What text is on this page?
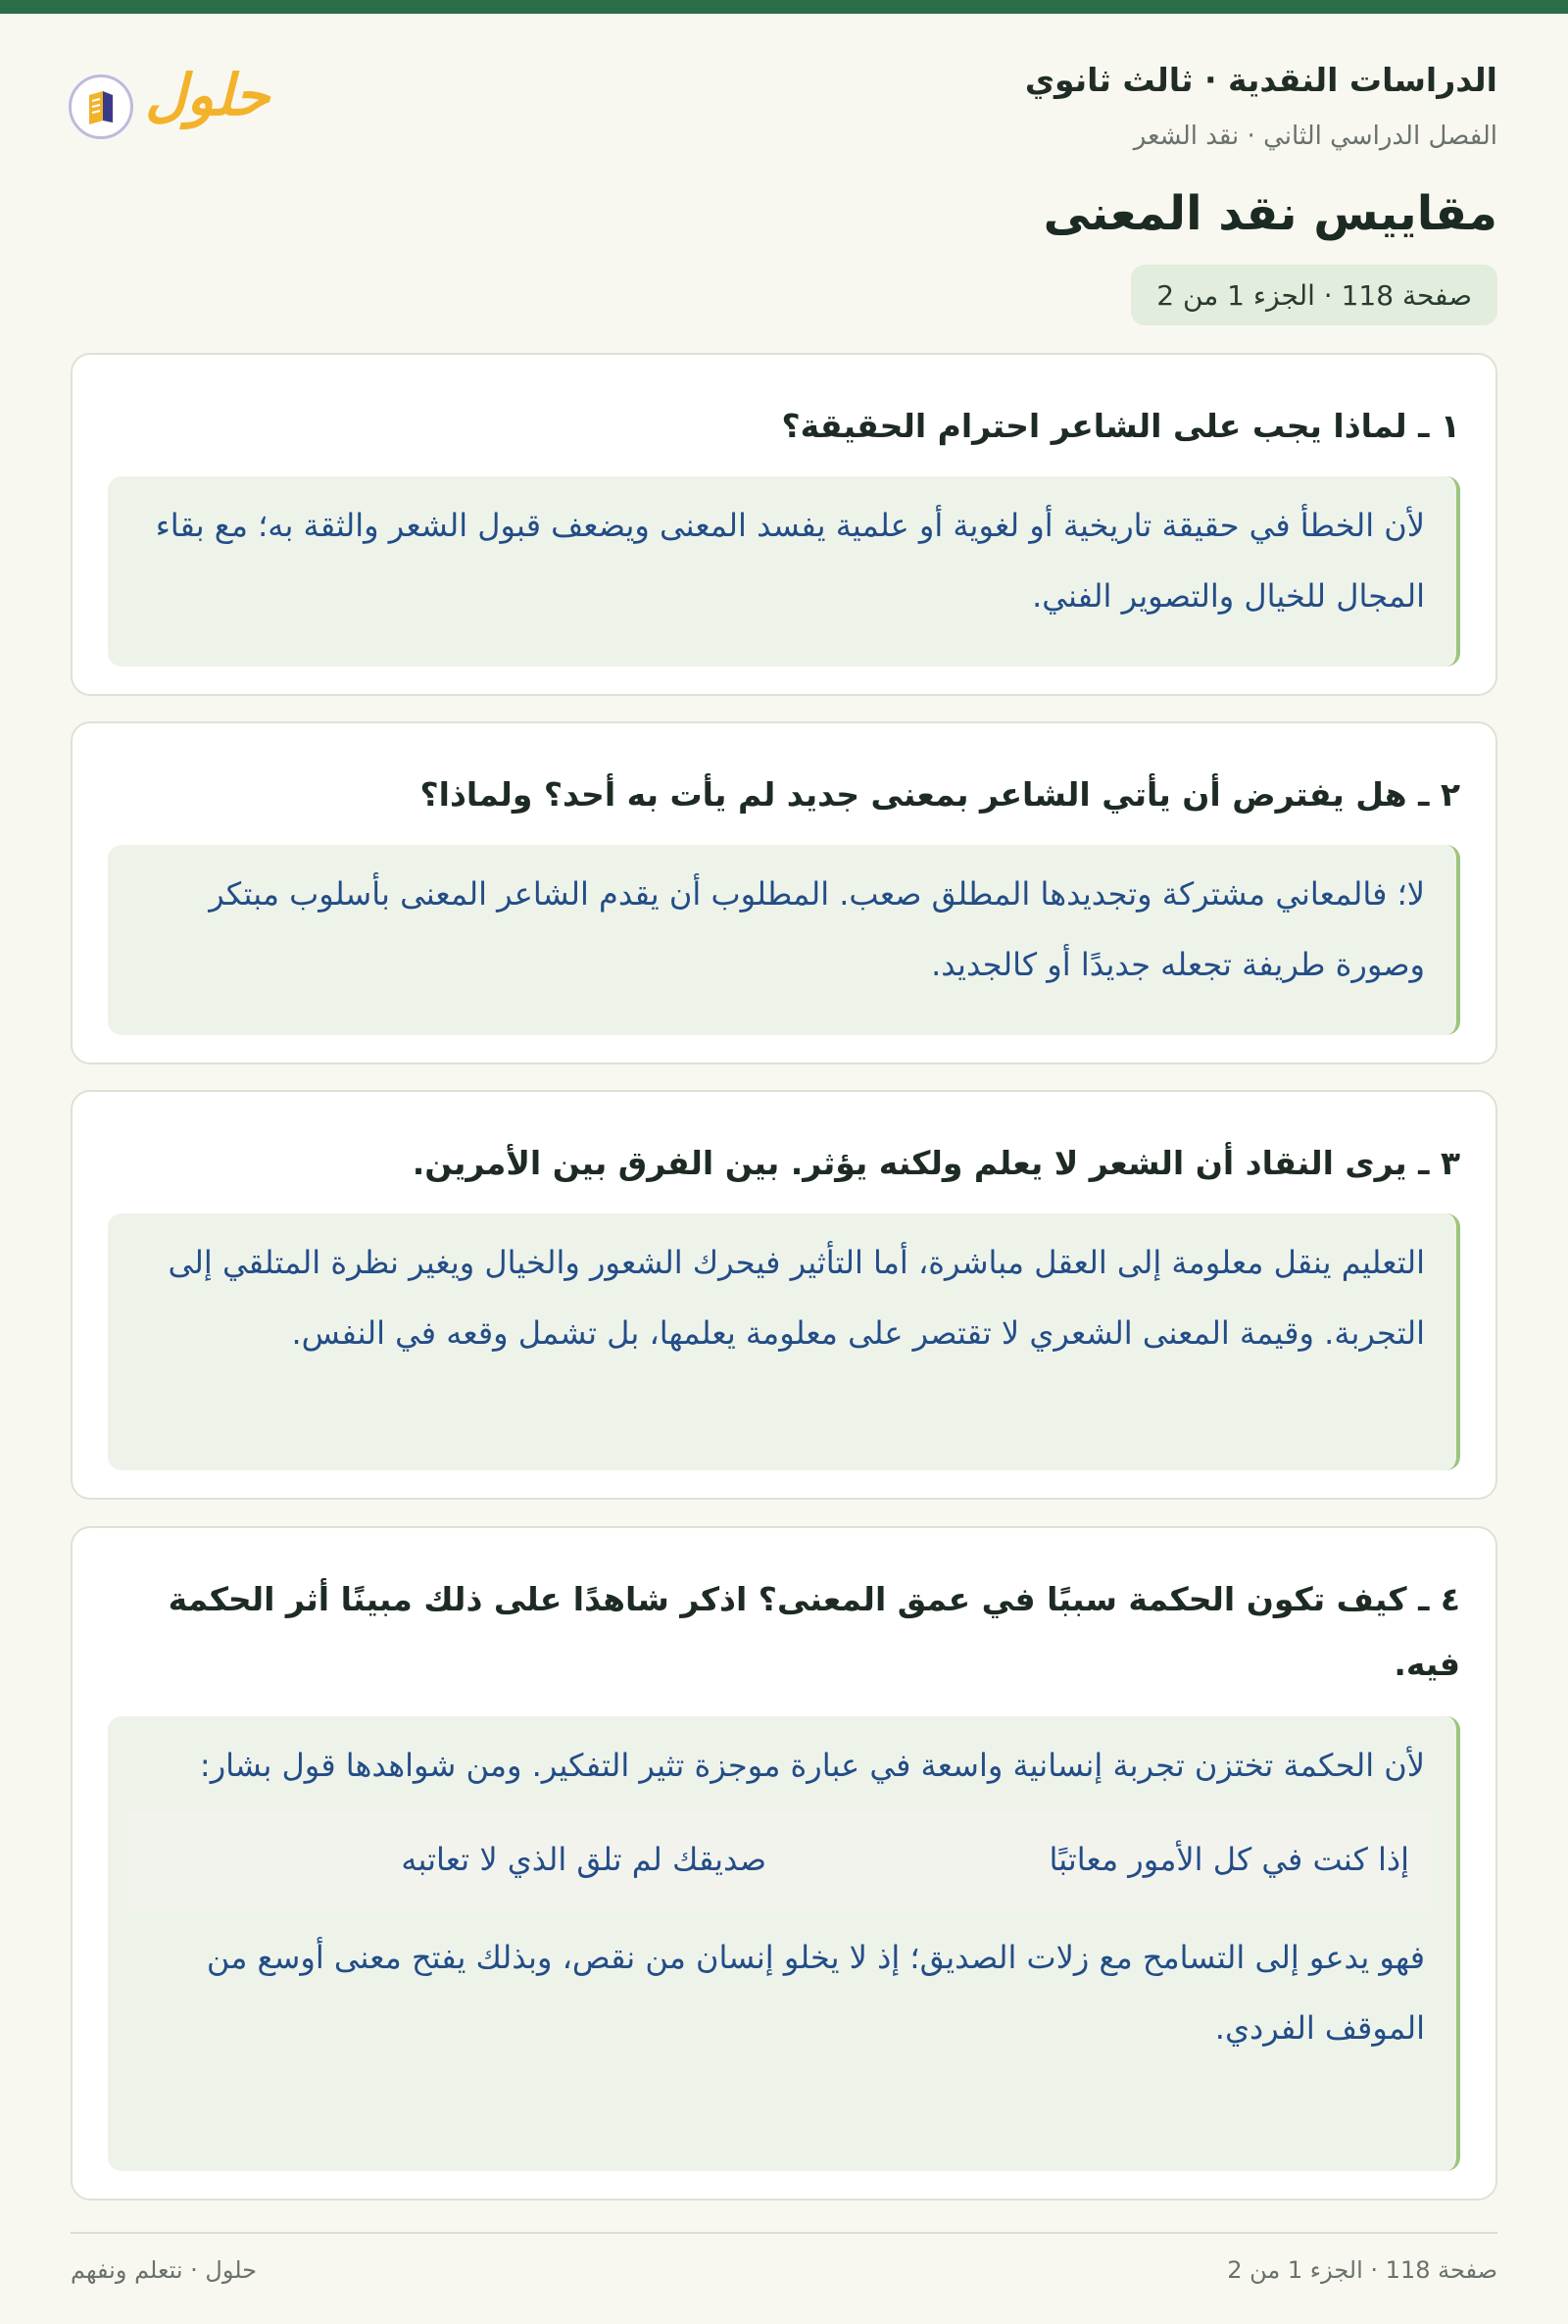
حلول	الدراسات النقدية · ثالث ثانوي
الفصل الدراسي الثاني · نقد الشعر
مقاييس نقد المعنى
صفحة 118 · الجزء 1 من 2
١ ـ لماذا يجب على الشاعر احترام الحقيقة؟
لأن الخطأ في حقيقة تاريخية أو لغوية أو علمية يفسد المعنى ويضعف قبول الشعر والثقة به؛ مع بقاء المجال للخيال والتصوير الفني.
٢ ـ هل يفترض أن يأتي الشاعر بمعنى جديد لم يأت به أحد؟ ولماذا؟
لا؛ فالمعاني مشتركة وتجديدها المطلق صعب. المطلوب أن يقدم الشاعر المعنى بأسلوب مبتكر وصورة طريفة تجعله جديدًا أو كالجديد.
٣ ـ يرى النقاد أن الشعر لا يعلم ولكنه يؤثر. بين الفرق بين الأمرين.
التعليم ينقل معلومة إلى العقل مباشرة، أما التأثير فيحرك الشعور والخيال ويغير نظرة المتلقي إلى التجربة. وقيمة المعنى الشعري لا تقتصر على معلومة يعلمها، بل تشمل وقعه في النفس.
٤ ـ كيف تكون الحكمة سببًا في عمق المعنى؟ اذكر شاهدًا على ذلك مبينًا أثر الحكمة فيه.
لأن الحكمة تختزن تجربة إنسانية واسعة في عبارة موجزة تثير التفكير. ومن شواهدها قول بشار:
إذا كنت في كل الأمور معاتبًا
صديقك لم تلق الذي لا تعاتبه
فهو يدعو إلى التسامح مع زلات الصديق؛ إذ لا يخلو إنسان من نقص، وبذلك يفتح معنى أوسع من الموقف الفردي.
صفحة 118 · الجزء 1 من 2
حلول · نتعلم ونفهم
